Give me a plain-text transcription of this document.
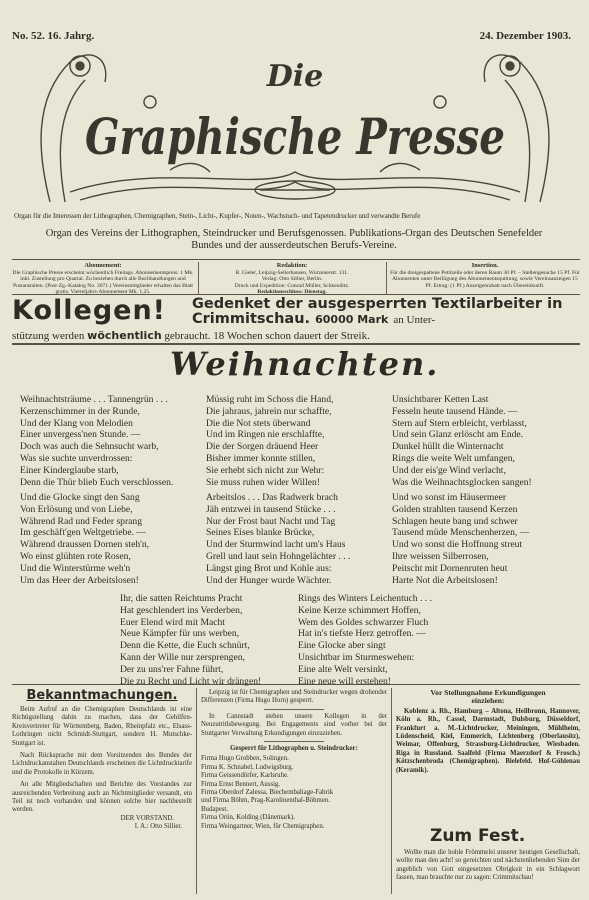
No. 52. 16. Jahrg.	24. Dezember 1903.
Die
Graphische Presse
Organ für die Interessen der Lithographen, Chemigraphen, Stein-, Licht-, Kupfer-, Noten-, Wachstuch- und Tapetendrucker und verwandte Berufe
Organ des Vereins der Lithographen, Steindrucker und Berufsgenossen. Publikations-Organ des Deutschen Senefelder
Bundes und der ausserdeutschen Berufs-Vereine.
Abonnement:
Die Graphische Presse erscheint wöchentlich Freitags. Abonnementspreis: 1 Mk. inkl. Zustellung pro Quartal. Zu beziehen durch alle Buchhandlungen und Postanstalten. (Post-Zg.-Katalog No. 3071.) Vereinsmitglieder erhalten das Blatt gratis. Vierteljahrs-Abonnement Mk. 1,25.
Redaktion:
R. Gieler, Leipzig-Sellerhausen, Wurzenerstr. 131.
Verlag: Otto Sillier, Berlin.
Druck und Expedition: Conrad Müller, Schkeuditz.
Redaktionsschluss: Dienstag.
Insertion.
Für die dreigespaltene Petitzeile oder deren Raum 30 Pf. – Stellengesuche 15 Pf. Für Abonnenten unter Beifügung des Abonnementsquittung, sowie Vereinsanzeigen 15 Pf. Ertrag: (1 Pf.) Anzeigenrabatt nach Übereinkunft.
Kollegen! Gedenket der ausgesperrten Textilarbeiter in Crimmitschau. 60000 Mark an Unter-
stützung werden wöchentlich gebraucht. 18 Wochen schon dauert der Streik.
Weihnachten.
Weihnachtsträume . . . Tannengrün . . .
Kerzenschimmer in der Runde,
Und der Klang von Melodien
Einer unvergess'nen Stunde. —
Doch was auch die Sehnsucht warb,
Was sie suchte unverdrossen:
Einer Kinderglaube starb,
Denn die Thür blieb Euch verschlossen.
Und die Glocke singt den Sang
Von Erlösung und von Liebe,
Während Rad und Feder sprang
Im geschäft'gen Weltgetriebe. —
Während draussen Dornen steh'n,
Wo einst glühten rote Rosen,
Und die Winterstürme weh'n
Um das Heer der Arbeitslosen!
Müssig ruht im Schoss die Hand,
Die jahraus, jahrein nur schaffte,
Die die Not stets überwand
Und im Ringen nie erschlaffte,
Die der Sorgen dräuend Heer
Bisher immer konnte stillen,
Sie erhebt sich nicht zur Wehr:
Sie muss ruhen wider Willen!
Arbeitslos . . . Das Radwerk brach
Jäh entzwei in tausend Stücke . . .
Nur der Frost baut Nacht und Tag
Seines Eises blanke Brücke,
Und der Sturmwind lacht um's Haus
Grell und laut sein Hohngelächter . . .
Längst ging Brot und Kohle aus:
Und der Hunger wurde Wächter.
Unsichtbarer Ketten Last
Fesseln heute tausend Hände. —
Stern auf Stern erbleicht, verblasst,
Und sein Glanz erlöscht am Ende.
Dunkel hüllt die Winternacht
Rings die weite Welt umfangen,
Und der eis'ge Wind verlacht,
Was die Weihnachtsglocken sangen!
Und wo sonst im Häusermeer
Golden strahlten tausend Kerzen
Schlagen heute bang und schwer
Tausend müde Menschenherzen, —
Und wo sonst die Hoffnung streut
Ihre weissen Silberrosen,
Peitscht mit Dornenruten heut
Harte Not die Arbeitslosen!
Ihr, die satten Reichtums Pracht
Hat geschlendert ins Verderben,
Euer Elend wird mit Macht
Neue Kämpfer für uns werben,
Denn die Kette, die Euch schnürt,
Kann der Wille nur zersprengen,
Der zu uns'rer Fahne führt,
Die zu Recht und Licht wir drängen!
Rings des Winters Leichentuch . . .
Keine Kerze schimmert Hoffen,
Wem des Goldes schwarzer Fluch
Hat in's tiefste Herz getroffen. —
Eine Glocke aber singt
Unsichtbar im Sturmeswehen:
Eine alte Welt versinkt,
Eine neue will erstehen!
Bekanntmachungen.

Beim Aufruf an die Chemigraphen Deutschlands ist eine Richtigstellung dahin zu machen, dass der Gehilfen-Kreisvertreter für Württemberg, Baden, Rheinpfalz etc., Elsass-Lothringen nicht Schmidt-Stuttgart, sondern H. Mutschke-Stuttgart ist.

Nach Rücksprache mit dem Vorsitzenden des Bundes der Lichtdruckanstalten Deutschlands erscheinen die Lichtdrucktarife und die Protokolle in Kürzem.

An alle Mitgliedschaften und Berichte des Vorstandes zur ausreichenden Verbreitung auch an Nichtmitglieder versandt, ein Teil ist noch vorhanden und können solche hier nachbestellt werden.

DER VORSTAND.
I. A.: Otto Sillier.

Leipzig ist für Chemigraphen und Steindrucker wegen drohender Differenzen (Firma Hugo Horn) gesperrt.

In Cannstadt stehen unsere Kollegen in der Neuzutritlsbewegung. Bei Engagements sind vorher bei der Stuttgarter Verwaltung Erkundigungen einzuziehen.

Gesperrt für Lithographen u. Steindrucker:
Firma Hugo Grobben, Solingen.
Firma K. Schnabel, Ludwigsburg.
Firma Geissendörfer, Karlsruhe.
Firma Ernst Bennert, Aussig.
Firma Oberdorf Zalessa, Biechembaliage-Fabrik
und Firma Böhm, Prag-Karolinenthal-Böhmen.
Budapest.
Firma Orün, Kolding (Dänemark).
Firma Weingartner, Wien, für Chemigraphen.
Vor Stellungnahme Erkundigungen
einziehen:

Koblenz a. Rh., Hamburg – Altona, Heilbronn, Hannover, Köln a. Rh., Cassel, Darmstadt, Dulsburg, Düsseldorf, Frankfurt a. M.-Lichtdrucker, Meiningen, Mühlheim, Lüdenscheid, Kiel, Emmerich, Lichtenberg (Oberlausitz), Weimar, Offenburg, Strassburg-Lichtdrucker, Wiesbaden. Riga in Russland. Saalfeld (Firma Maerzdorf & Frosch.) Kötzschenbroda (Chemigraphen). Bielefeld. Hof-Göhlenau (Keramik).

Zum Fest.

Wollte man die hohle Frömmelei unserer heutigen Gesellschaft, wollte man den acht! so gereichten und nächstenliebenden Sinn der angeblich von Gott eingesetzten Obrigkeit in ein Schlagwort fassen, man brauchte nur zu sagen: Crimmitschau!
